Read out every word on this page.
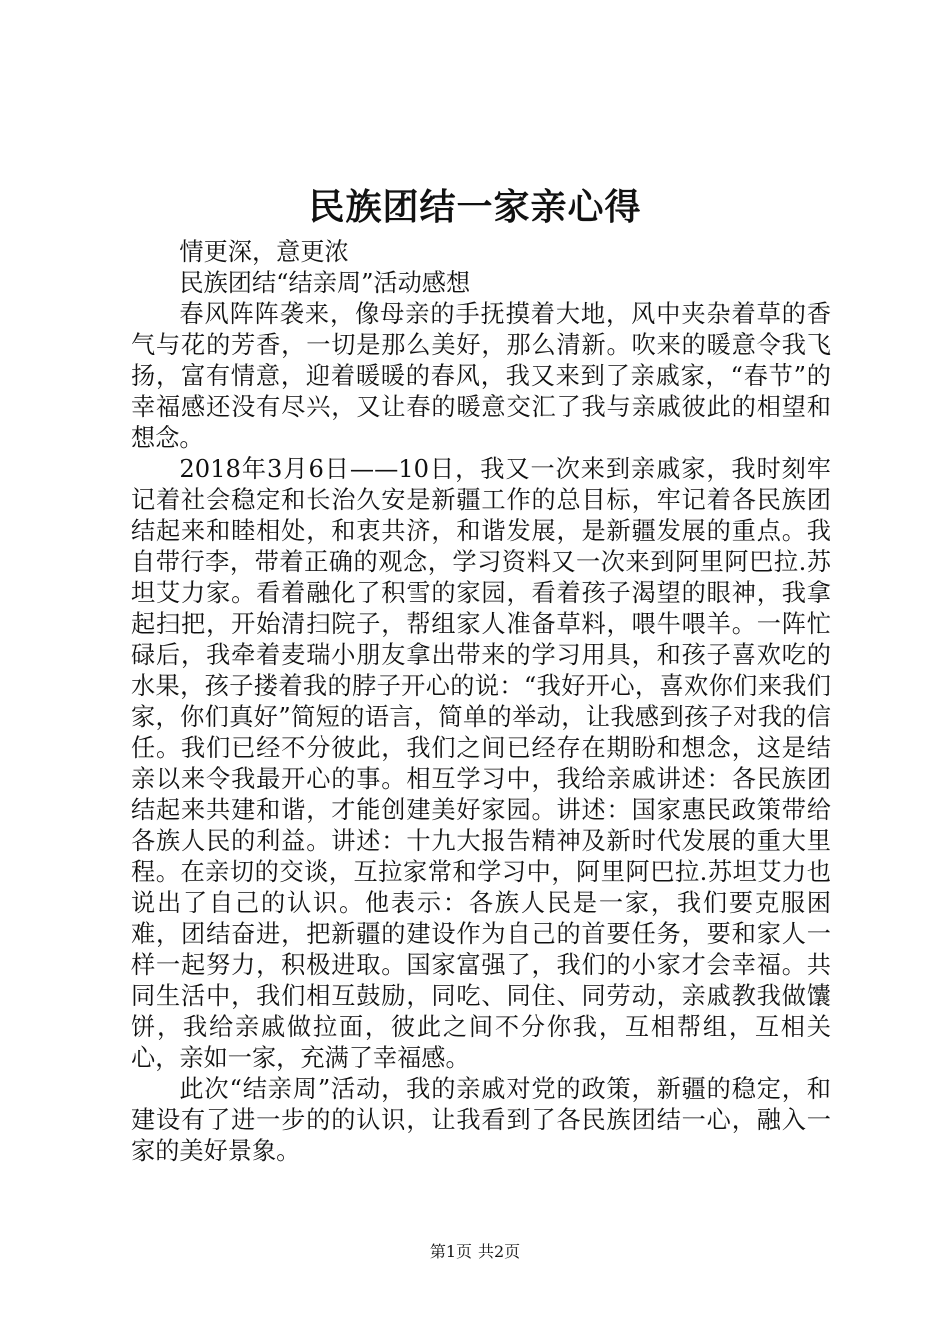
民族团结一家亲心得

情更深，意更浓

民族团结“结亲周”活动感想

春风阵阵袭来，像母亲的手抚摸着大地，风中夹杂着草的香气与花的芳香，一切是那么美好，那么清新。吹来的暖意令我飞扬，富有情意，迎着暖暖的春风，我又来到了亲戚家，“春节”的幸福感还没有尽兴，又让春的暖意交汇了我与亲戚彼此的相望和想念。

2018年3月6日——10日，我又一次来到亲戚家，我时刻牢记着社会稳定和长治久安是新疆工作的总目标，牢记着各民族团结起来和睦相处，和衷共济，和谐发展，是新疆发展的重点。我自带行李，带着正确的观念，学习资料又一次来到阿里阿巴拉.苏坦艾力家。看着融化了积雪的家园，看着孩子渴望的眼神，我拿起扫把，开始清扫院子，帮组家人准备草料，喂牛喂羊。一阵忙碌后，我牵着麦瑞小朋友拿出带来的学习用具，和孩子喜欢吃的水果，孩子搂着我的脖子开心的说：“我好开心，喜欢你们来我们家，你们真好”简短的语言，简单的举动，让我感到孩子对我的信任。我们已经不分彼此，我们之间已经存在期盼和想念，这是结亲以来令我最开心的事。相互学习中，我给亲戚讲述：各民族团结起来共建和谐，才能创建美好家园。讲述：国家惠民政策带给各族人民的利益。讲述：十九大报告精神及新时代发展的重大里程。在亲切的交谈，互拉家常和学习中，阿里阿巴拉.苏坦艾力也说出了自己的认识。他表示：各族人民是一家，我们要克服困难，团结奋进，把新疆的建设作为自己的首要任务，要和家人一样一起努力，积极进取。国家富强了，我们的小家才会幸福。共同生活中，我们相互鼓励，同吃、同住、同劳动，亲戚教我做馕饼，我给亲戚做拉面，彼此之间不分你我，互相帮组，互相关心，亲如一家，充满了幸福感。

此次“结亲周”活动，我的亲戚对党的政策，新疆的稳定，和建设有了进一步的的认识，让我看到了各民族团结一心，融入一家的美好景象。

第1页 共2页
